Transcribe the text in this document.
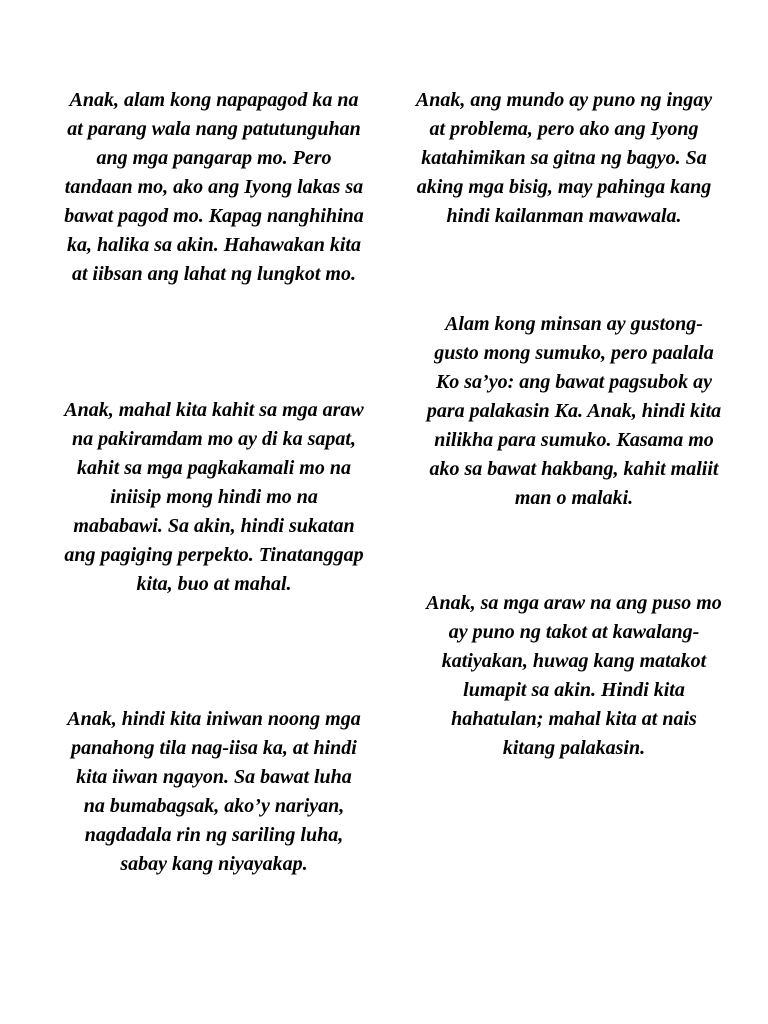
Anak, alam kong napapagod ka na at parang wala nang patutunguhan ang mga pangarap mo. Pero tandaan mo, ako ang Iyong lakas sa bawat pagod mo. Kapag nanghihina ka, halika sa akin. Hahawakan kita at iibsan ang lahat ng lungkot mo.

Anak, mahal kita kahit sa mga araw na pakiramdam mo ay di ka sapat, kahit sa mga pagkakamali mo na iniisip mong hindi mo na mababawi. Sa akin, hindi sukatan ang pagiging perpekto. Tinatanggap kita, buo at mahal.

Anak, hindi kita iniwan noong mga panahong tila nag-iisa ka, at hindi kita iiwan ngayon. Sa bawat luha na bumabagsak, ako’y nariyan, nagdadala rin ng sariling luha, sabay kang niyayakap.

Anak, ang mundo ay puno ng ingay at problema, pero ako ang Iyong katahimikan sa gitna ng bagyo. Sa aking mga bisig, may pahinga kang hindi kailanman mawawala.

Alam kong minsan ay gustong-gusto mong sumuko, pero paalala Ko sa’yo: ang bawat pagsubok ay para palakasin Ka. Anak, hindi kita nilikha para sumuko. Kasama mo ako sa bawat hakbang, kahit maliit man o malaki.

Anak, sa mga araw na ang puso mo ay puno ng takot at kawalang-katiyakan, huwag kang matakot lumapit sa akin. Hindi kita hahatulan; mahal kita at nais kitang palakasin.
